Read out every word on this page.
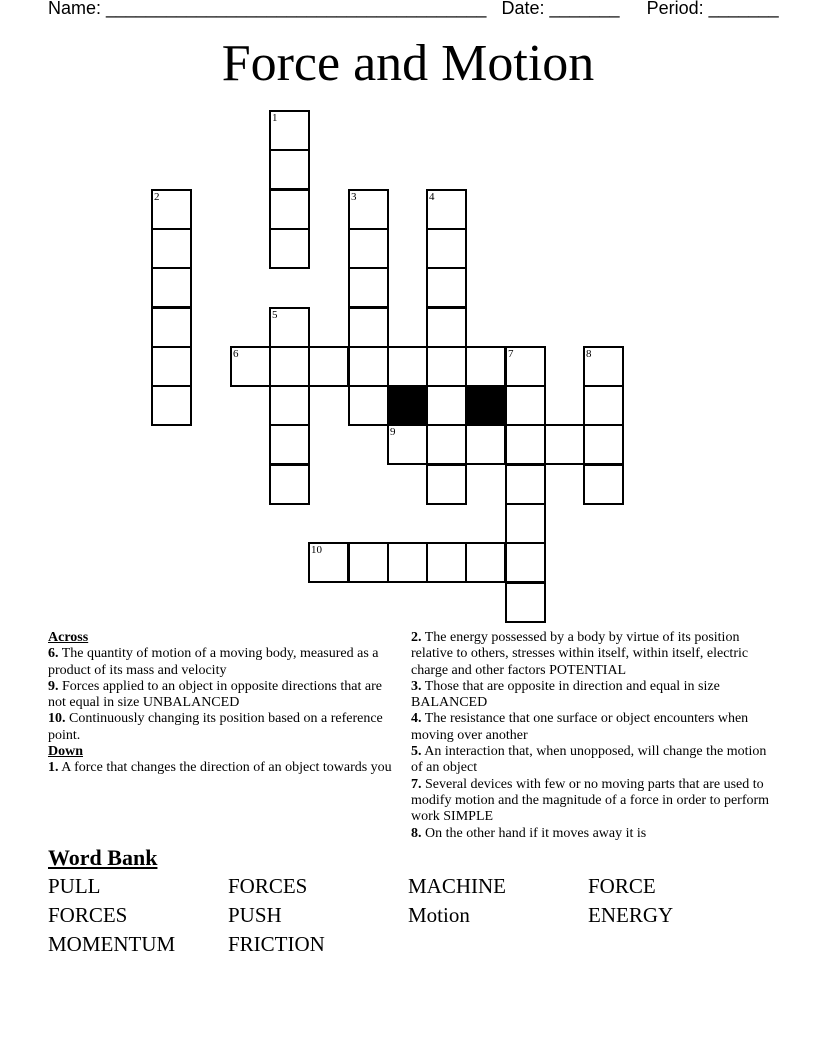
Name: ______________________________________ Date: _______ Period: _______
Force and Motion
1
2	3	4
5
6	7	8
9
10
Across
6. The quantity of motion of a moving body, measured as a product of its mass and velocity
9. Forces applied to an object in opposite directions that are not equal in size UNBALANCED
10. Continuously changing its position based on a reference point.
Down
1. A force that changes the direction of an object towards you
2. The energy possessed by a body by virtue of its position relative to others, stresses within itself, within itself, electric charge and other factors POTENTIAL
3. Those that are opposite in direction and equal in size BALANCED
4. The resistance that one surface or object encounters when moving over another
5. An interaction that, when unopposed, will change the motion of an object
7. Several devices with few or no moving parts that are used to modify motion and the magnitude of a force in order to perform work SIMPLE
8. On the other hand if it moves away it is
Word Bank
PULL	FORCES	MACHINE	FORCE
FORCES	PUSH	Motion	ENERGY
MOMENTUM	FRICTION
